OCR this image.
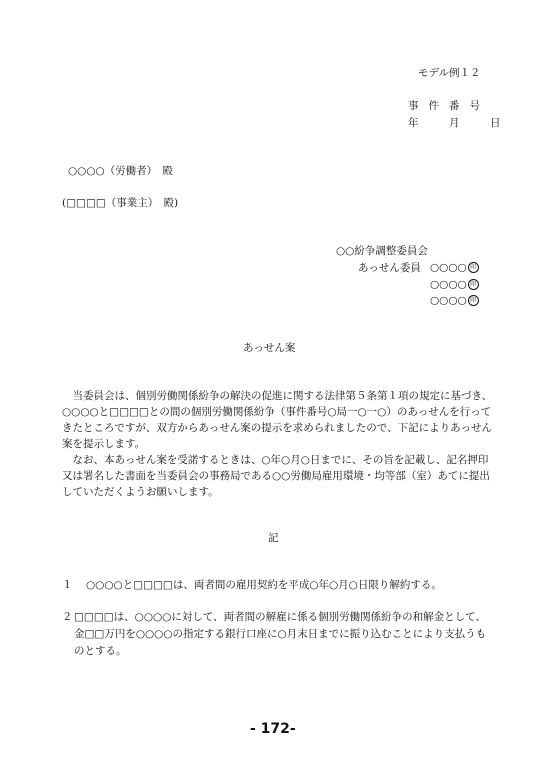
モデル例１２
事件番号
年　月　日
○○○○（労働者）　殿
(□□□□（事業主）　殿)
○○紛争調整委員会
あっせん委員 ○○○○ 印
○○○○ 印
○○○○ 印
あっせん案

当委員会は、個別労働関係紛争の解決の促進に関する法律第５条第１項の規定に基づき、○○○○と□□□□との間の個別労働関係紛争（事件番号○局一○一○）のあっせんを行ってきたところですが、双方からあっせん案の提示を求められましたので、下記によりあっせん案を提示します。

なお、本あっせん案を受諾するときは、○年○月○日までに、その旨を記載し、記名押印又は署名した書面を当委員会の事務局である○○労働局雇用環境・均等部（室）あてに提出していただくようお願いします。

記
１ ○○○○と□□□□は、両者間の雇用契約を平成○年○月○日限り解約する。
２ □□□□は、○○○○に対して、両者間の解雇に係る個別労働関係紛争の和解金として、金□□万円を○○○○の指定する銀行口座に○月末日までに振り込むことにより支払うものとする。
- 172-
